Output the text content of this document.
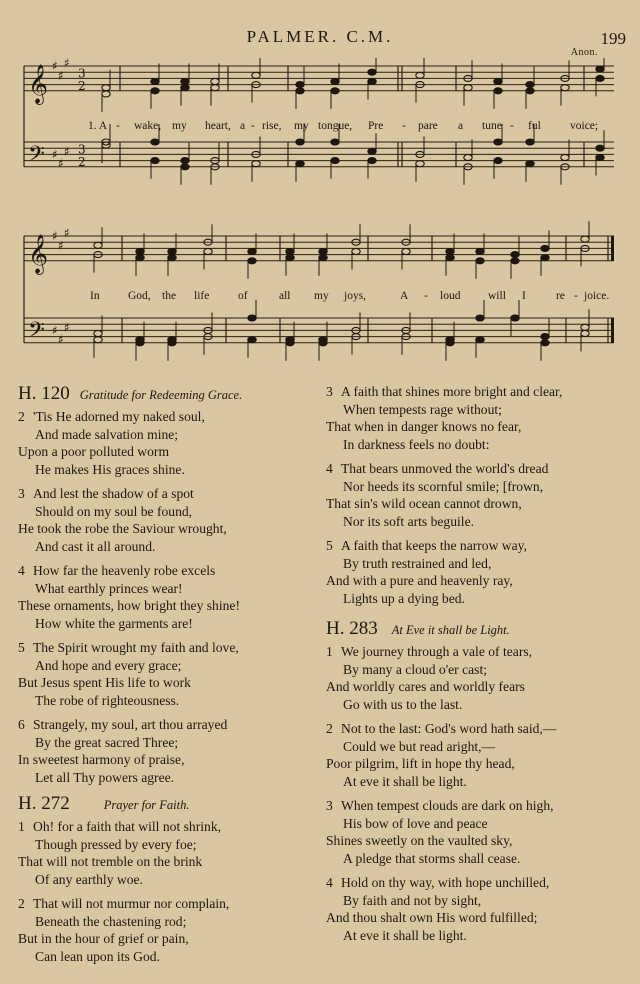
PALMER. C.M.	199
Anon.
𝄞
𝄢
𝄞
𝄢
♯
♯
♯
3
2
♯
♯
♯ 3
2
♯
♯
♯
♯
♯
♯
1. A - wake, my heart, a - rise, my tongue, Pre - pare a tune - ful	voice;
In God, the life of	all my joys,	A - loud will I	re - joice.
H. 120 Gratitude for Redeeming Grace.
2 'Tis He adorned my naked soul,
And made salvation mine;
Upon a poor polluted worm
He makes His graces shine.
3 And lest the shadow of a spot
Should on my soul be found,
He took the robe the Saviour wrought,
And cast it all around.
4 How far the heavenly robe excels
What earthly princes wear!
These ornaments, how bright they shine!
How white the garments are!
5 The Spirit wrought my faith and love,
And hope and every grace;
But Jesus spent His life to work
The robe of righteousness.
6 Strangely, my soul, art thou arrayed
By the great sacred Three;
In sweetest harmony of praise,
Let all Thy powers agree.
H. 272	Prayer for Faith.
1 Oh! for a faith that will not shrink,
Though pressed by every foe;
That will not tremble on the brink
Of any earthly woe.
2 That will not murmur nor complain,
Beneath the chastening rod;
But in the hour of grief or pain,
Can lean upon its God.
3 A faith that shines more bright and clear,
When tempests rage without;
That when in danger knows no fear,
In darkness feels no doubt:
4 That bears unmoved the world's dread
Nor heeds its scornful smile; [frown,
That sin's wild ocean cannot drown,
Nor its soft arts beguile.
5 A faith that keeps the narrow way,
By truth restrained and led,
And with a pure and heavenly ray,
Lights up a dying bed.
H. 283 At Eve it shall be Light.
1 We journey through a vale of tears,
By many a cloud o'er cast;
And worldly cares and worldly fears
Go with us to the last.
2 Not to the last: God's word hath said,—
Could we but read aright,—
Poor pilgrim, lift in hope thy head,
At eve it shall be light.
3 When tempest clouds are dark on high,
His bow of love and peace
Shines sweetly on the vaulted sky,
A pledge that storms shall cease.
4 Hold on thy way, with hope unchilled,
By faith and not by sight,
And thou shalt own His word fulfilled;
At eve it shall be light.
